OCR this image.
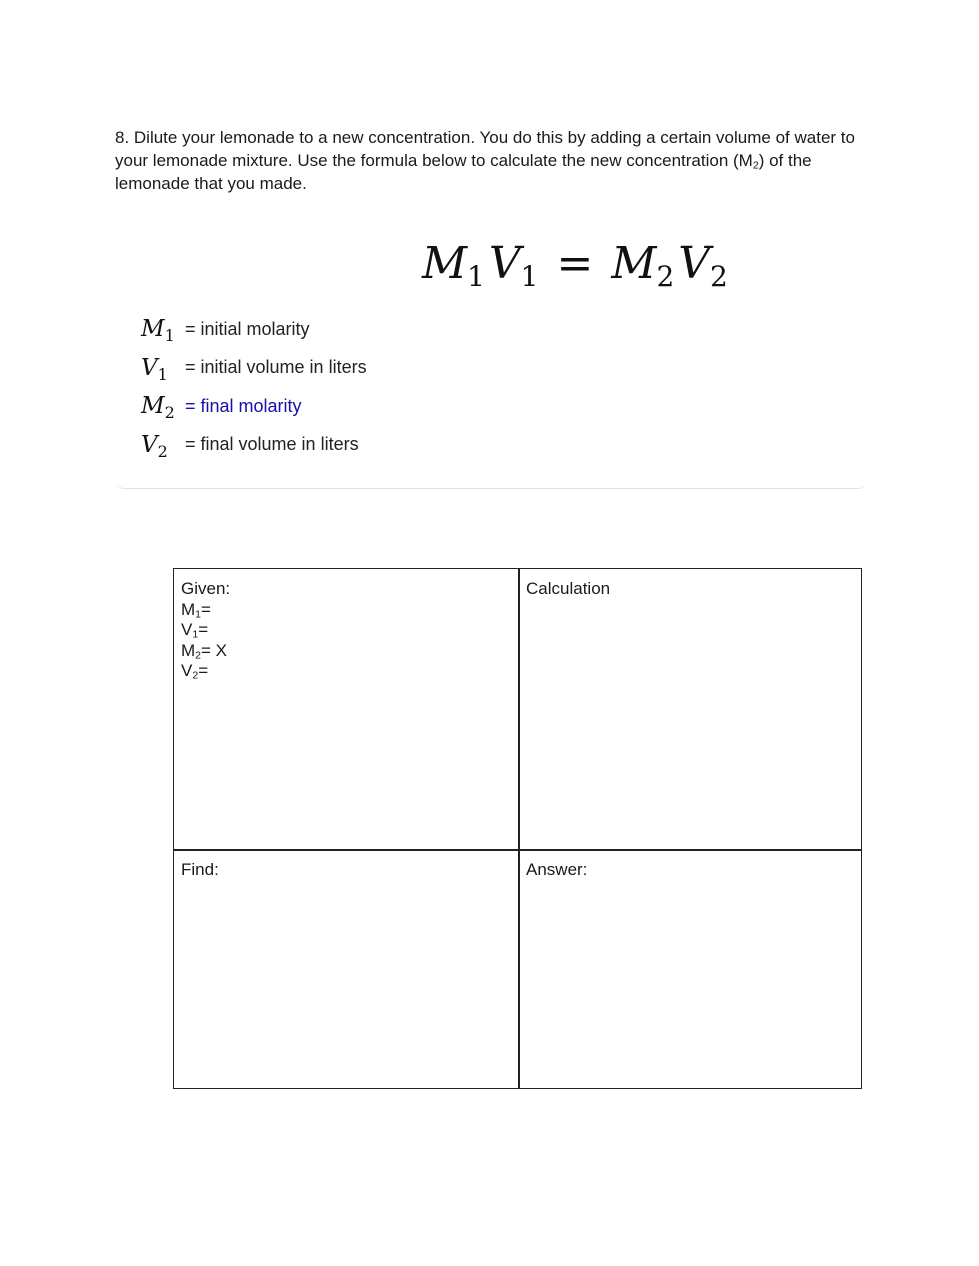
8. Dilute your lemonade to a new concentration. You do this by adding a certain volume of water to your lemonade mixture. Use the formula below to calculate the new concentration $(M_2)$ of the lemonade that you made.

$M_1V_1 = M_2V_2$
$M_1$ = initial molarity
$V_1$ = initial volume in liters
$M_2$ = final molarity
$V_2$ = final volume in liters
Given:
$M_1=$
$V_1=$
$M_2= X$
$V_2=$
Calculation
Find:	Answer:
